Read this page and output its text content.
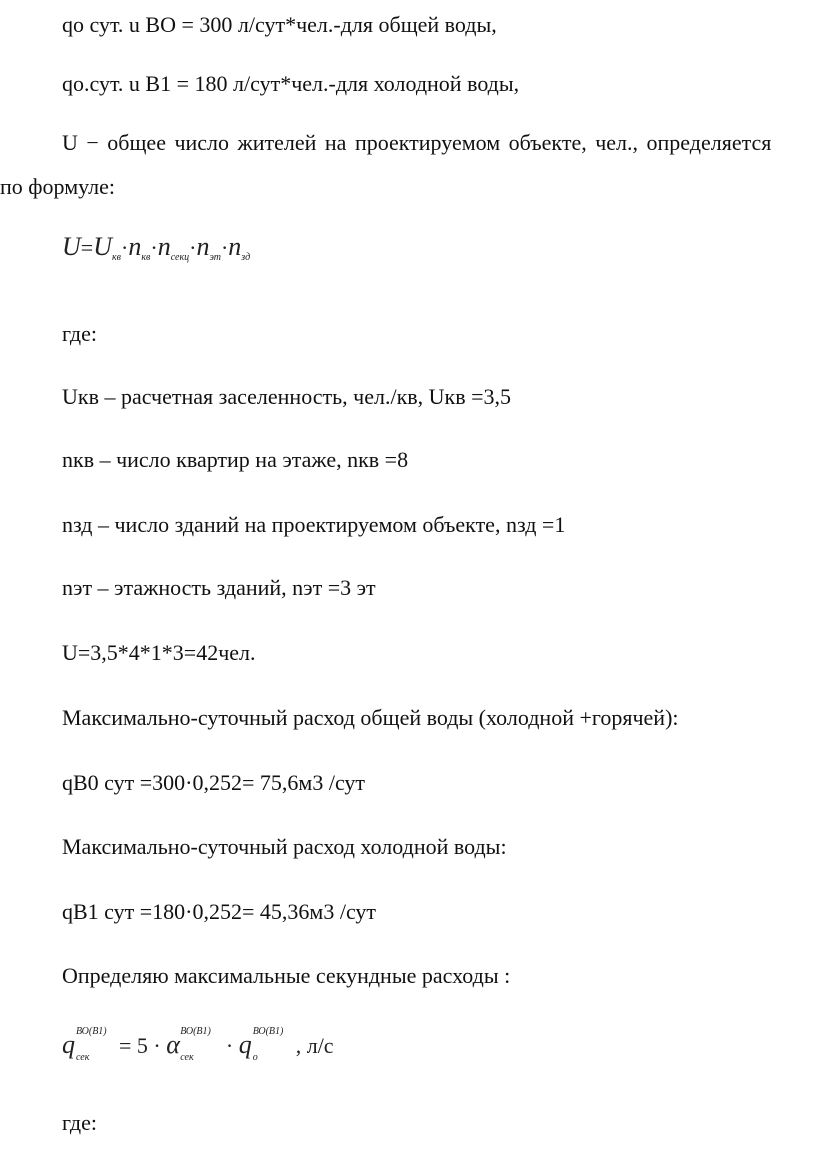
qo сут. u ВО = 300 л/сут*чел.-для общей воды,
qo.сут. u В1 = 180 л/сут*чел.-для холодной воды,
U − общее число жителей на проектируемом объекте, чел., определяется
по формуле:
$U=U_{кв}\cdot n_{кв}\cdot n_{секц}\cdot n_{эт}\cdot n_{зд}$
где:
Uкв – расчетная заселенность, чел./кв, Uкв =3,5
nкв – число квартир на этаже, nкв =8
nзд – число зданий на проектируемом объекте, nзд =1
nэт – этажность зданий, nэт =3 эт
U=3,5*4*1*3=42чел.
Максимально-суточный расход общей воды (холодной +горячей):
qВ0 сут =300·0,252= 75,6м3 /сут
Максимально-суточный расход холодной воды:
qВ1 сут =180·0,252= 45,36м3 /сут
Определяю максимальные секундные расходы :
q ВО(В1)
сек = 5 · α ВО(В1)
сек · q ВО(В1)
о , л/с
где:
